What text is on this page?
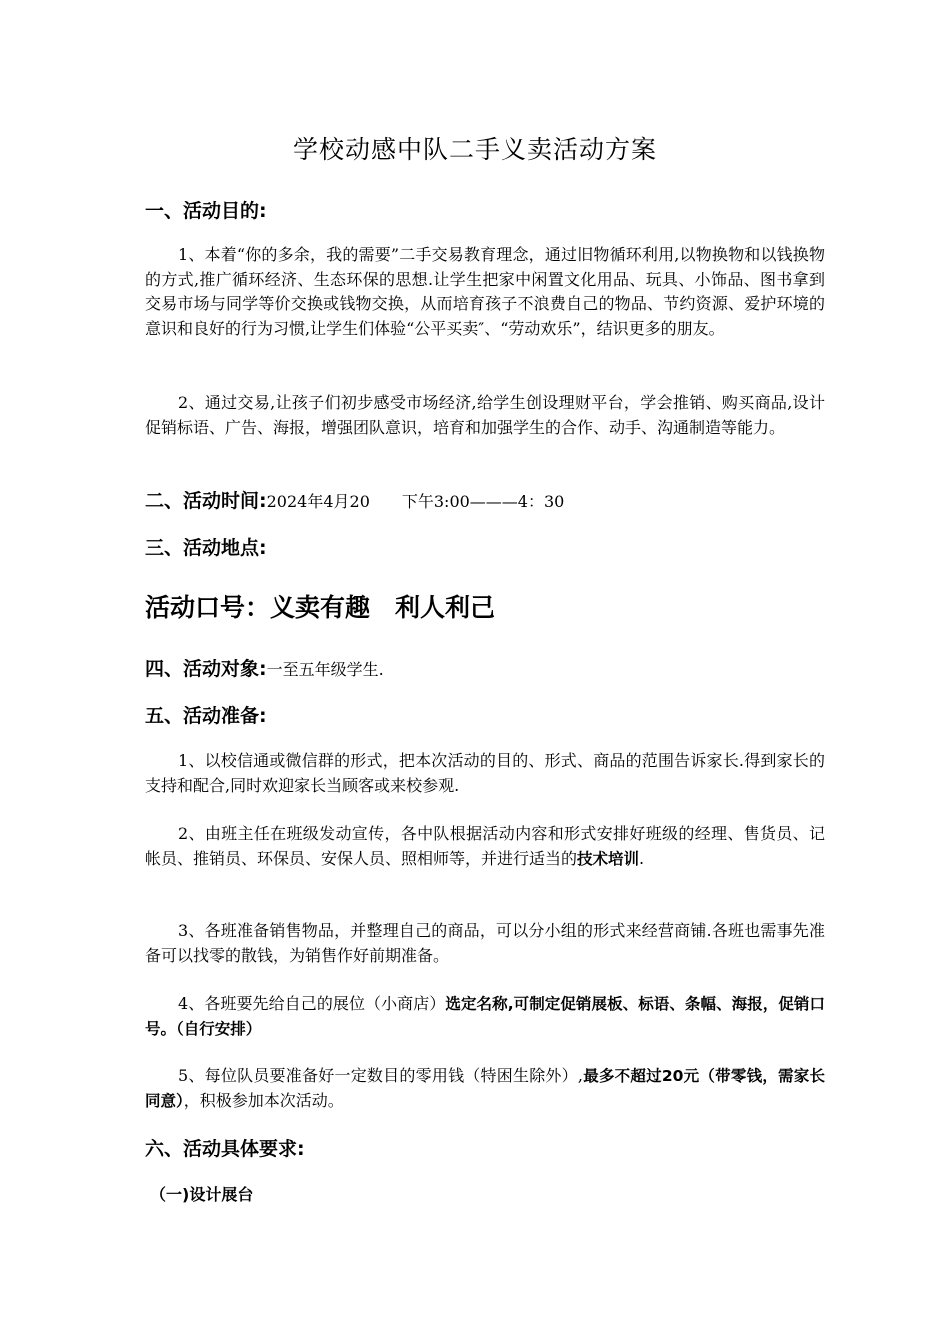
学校动感中队二手义卖活动方案
一、活动目的:
1、本着“你的多余，我的需要”二手交易教育理念，通过旧物循环利用,以物换物和以钱换物的方式,推广循环经济、生态环保的思想.让学生把家中闲置文化用品、玩具、小饰品、图书拿到交易市场与同学等价交换或钱物交换，从而培育孩子不浪费自己的物品、节约资源、爱护环境的意识和良好的行为习惯,让学生们体验“公平买卖″、“劳动欢乐”，结识更多的朋友。
2、通过交易,让孩子们初步感受市场经济,给学生创设理财平台，学会推销、购买商品,设计促销标语、广告、海报，增强团队意识，培育和加强学生的合作、动手、沟通制造等能力。
二、活动时间:2024年4月20　　下午3:00———4：30
三、活动地点:
活动口号：义卖有趣　利人利己
四、活动对象:一至五年级学生.
五、活动准备:
1、以校信通或微信群的形式，把本次活动的目的、形式、商品的范围告诉家长.得到家长的支持和配合,同时欢迎家长当顾客或来校参观.
2、由班主任在班级发动宣传，各中队根据活动内容和形式安排好班级的经理、售货员、记帐员、推销员、环保员、安保人员、照相师等，并进行适当的技术培训.
3、各班准备销售物品，并整理自己的商品，可以分小组的形式来经营商铺.各班也需事先准备可以找零的散钱，为销售作好前期准备。
4、各班要先给自己的展位（小商店）选定名称,可制定促销展板、标语、条幅、海报，促销口号。（自行安排）
5、每位队员要准备好一定数目的零用钱（特困生除外）,最多不超过20元（带零钱，需家长同意），积极参加本次活动。
六、活动具体要求:
（一)设计展台
